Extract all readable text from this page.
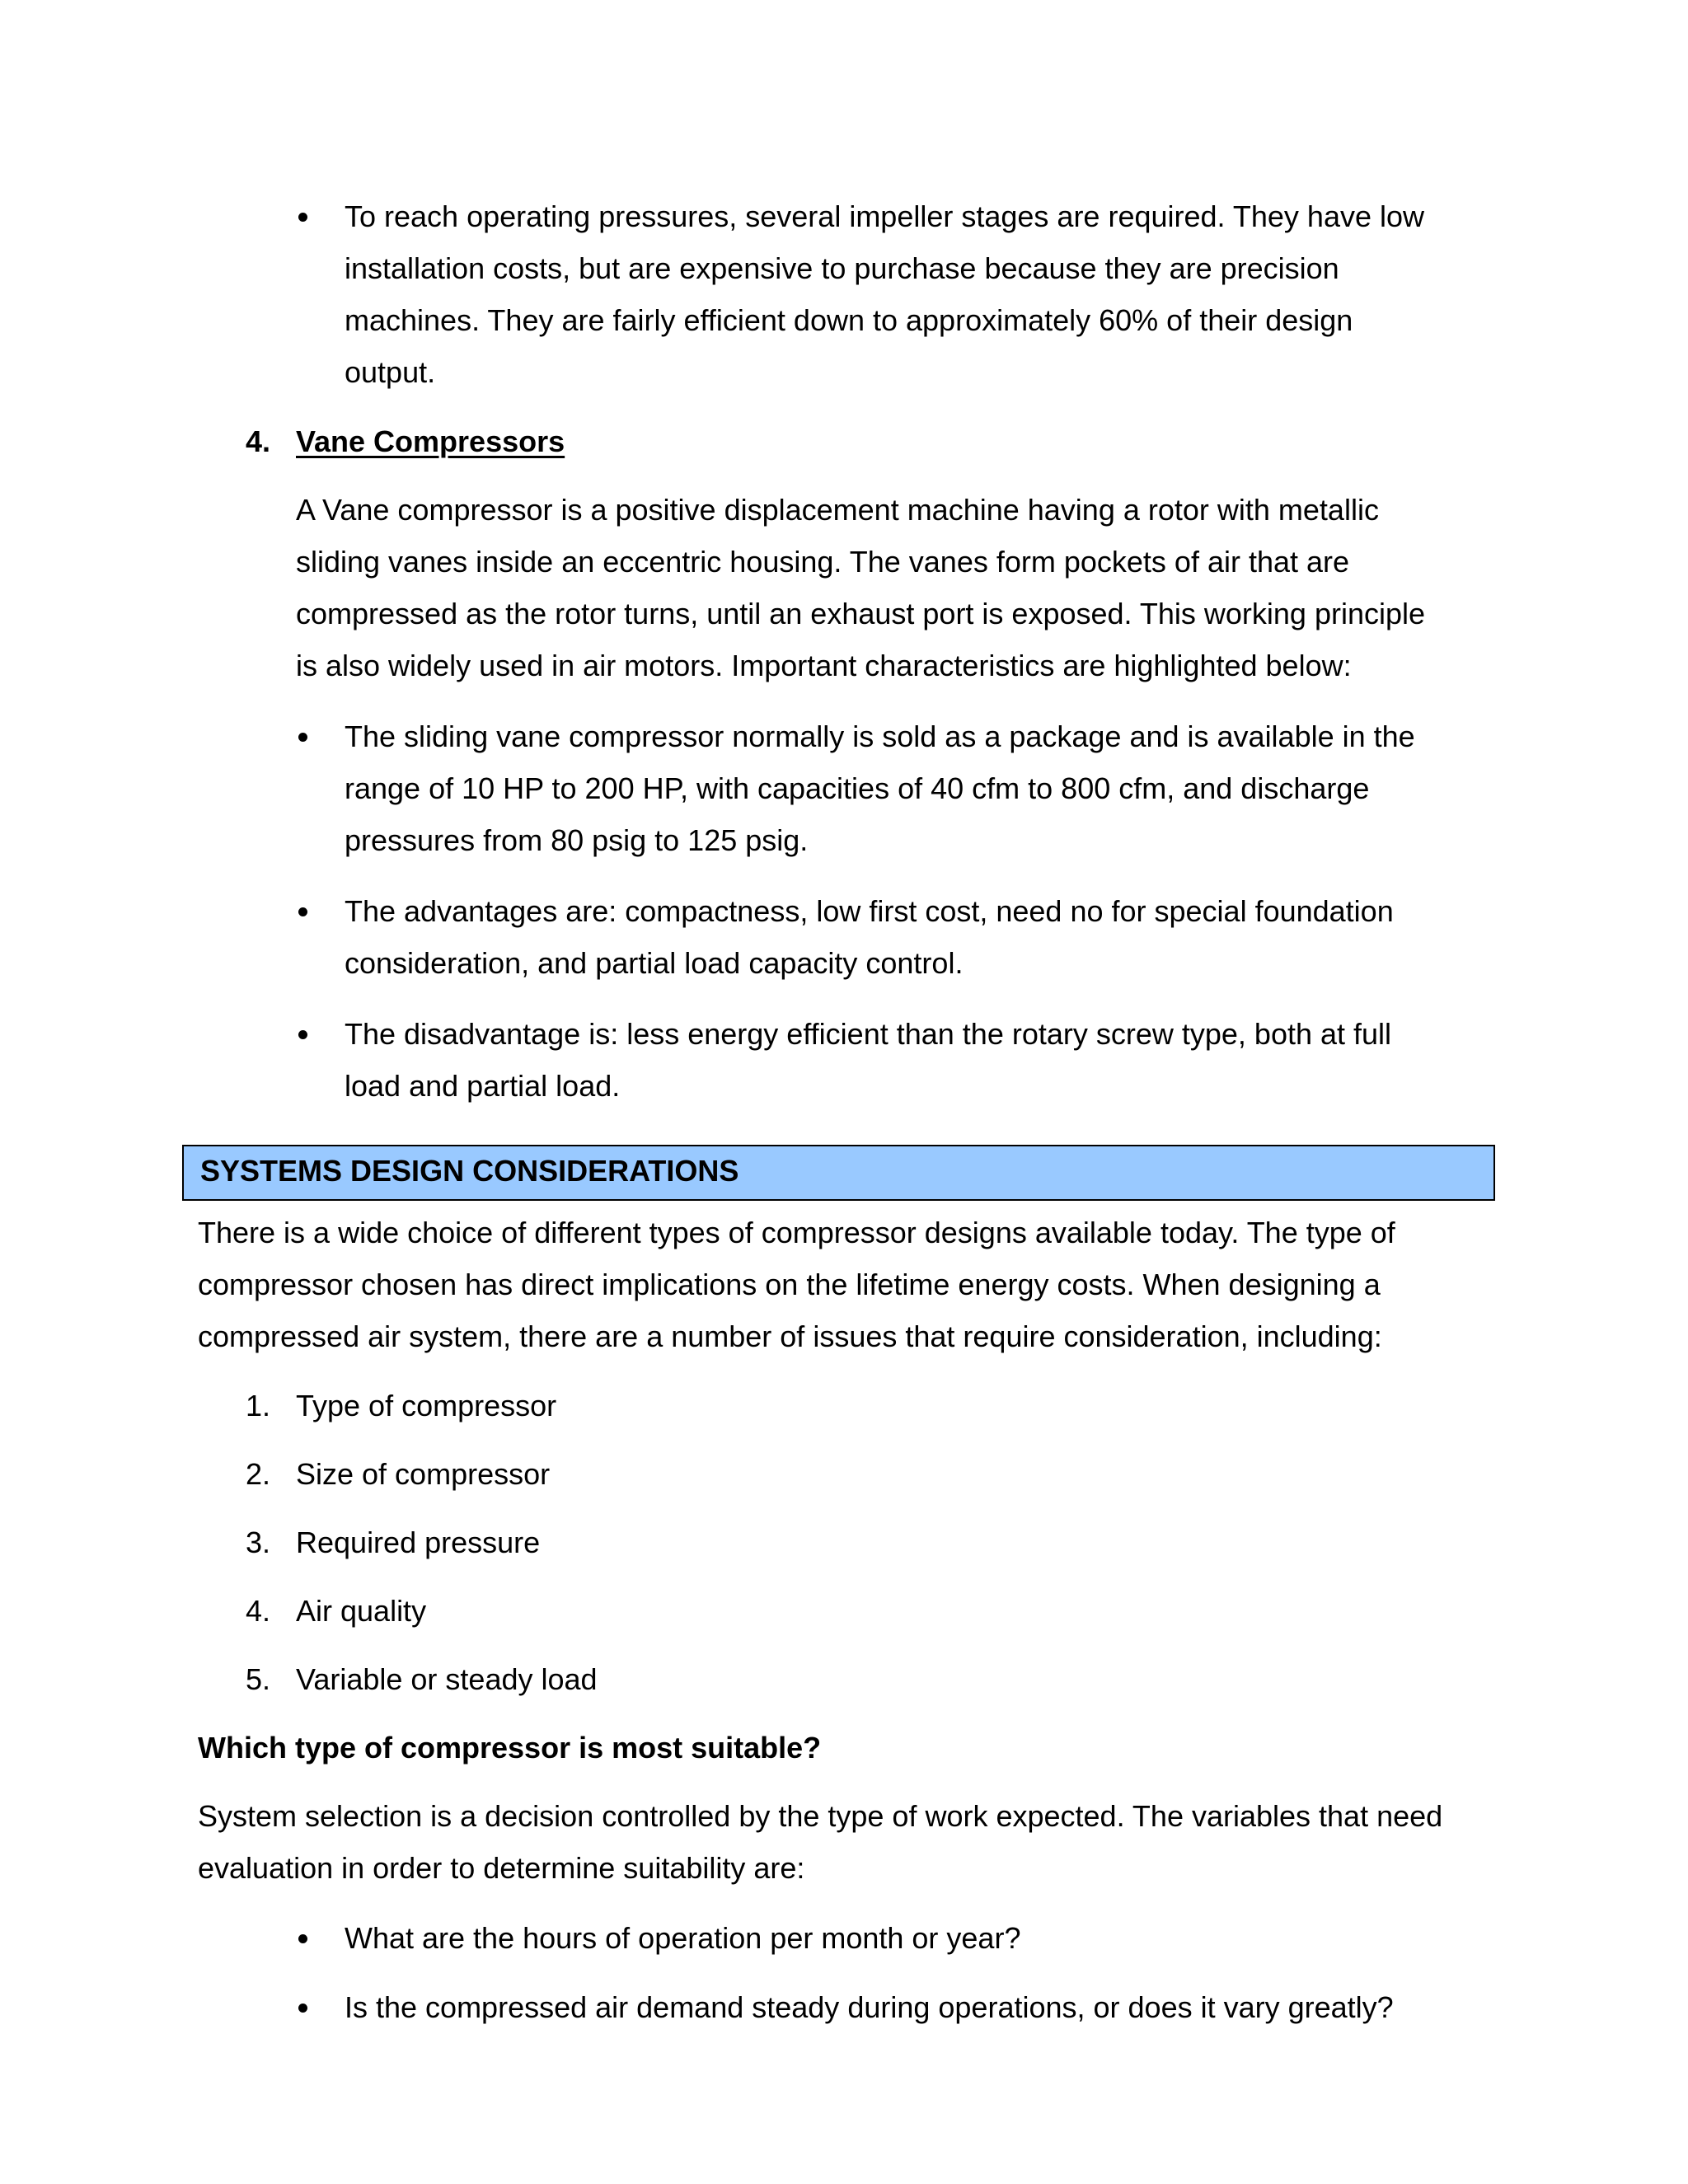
To reach operating pressures, several impeller stages are required. They have low
installation costs, but are expensive to purchase because they are precision
machines. They are fairly efficient down to approximately 60% of their design
output.
4. Vane Compressors
A Vane compressor is a positive displacement machine having a rotor with metallic
sliding vanes inside an eccentric housing. The vanes form pockets of air that are
compressed as the rotor turns, until an exhaust port is exposed. This working principle
is also widely used in air motors. Important characteristics are highlighted below:
The sliding vane compressor normally is sold as a package and is available in the
range of 10 HP to 200 HP, with capacities of 40 cfm to 800 cfm, and discharge
pressures from 80 psig to 125 psig.
The advantages are: compactness, low first cost, need no for special foundation
consideration, and partial load capacity control.
The disadvantage is: less energy efficient than the rotary screw type, both at full
load and partial load.
SYSTEMS DESIGN CONSIDERATIONS
There is a wide choice of different types of compressor designs available today. The type of
compressor chosen has direct implications on the lifetime energy costs. When designing a
compressed air system, there are a number of issues that require consideration, including:
1. Type of compressor
2. Size of compressor
3. Required pressure
4. Air quality
5. Variable or steady load
Which type of compressor is most suitable?
System selection is a decision controlled by the type of work expected. The variables that need
evaluation in order to determine suitability are:
What are the hours of operation per month or year?
Is the compressed air demand steady during operations, or does it vary greatly?
